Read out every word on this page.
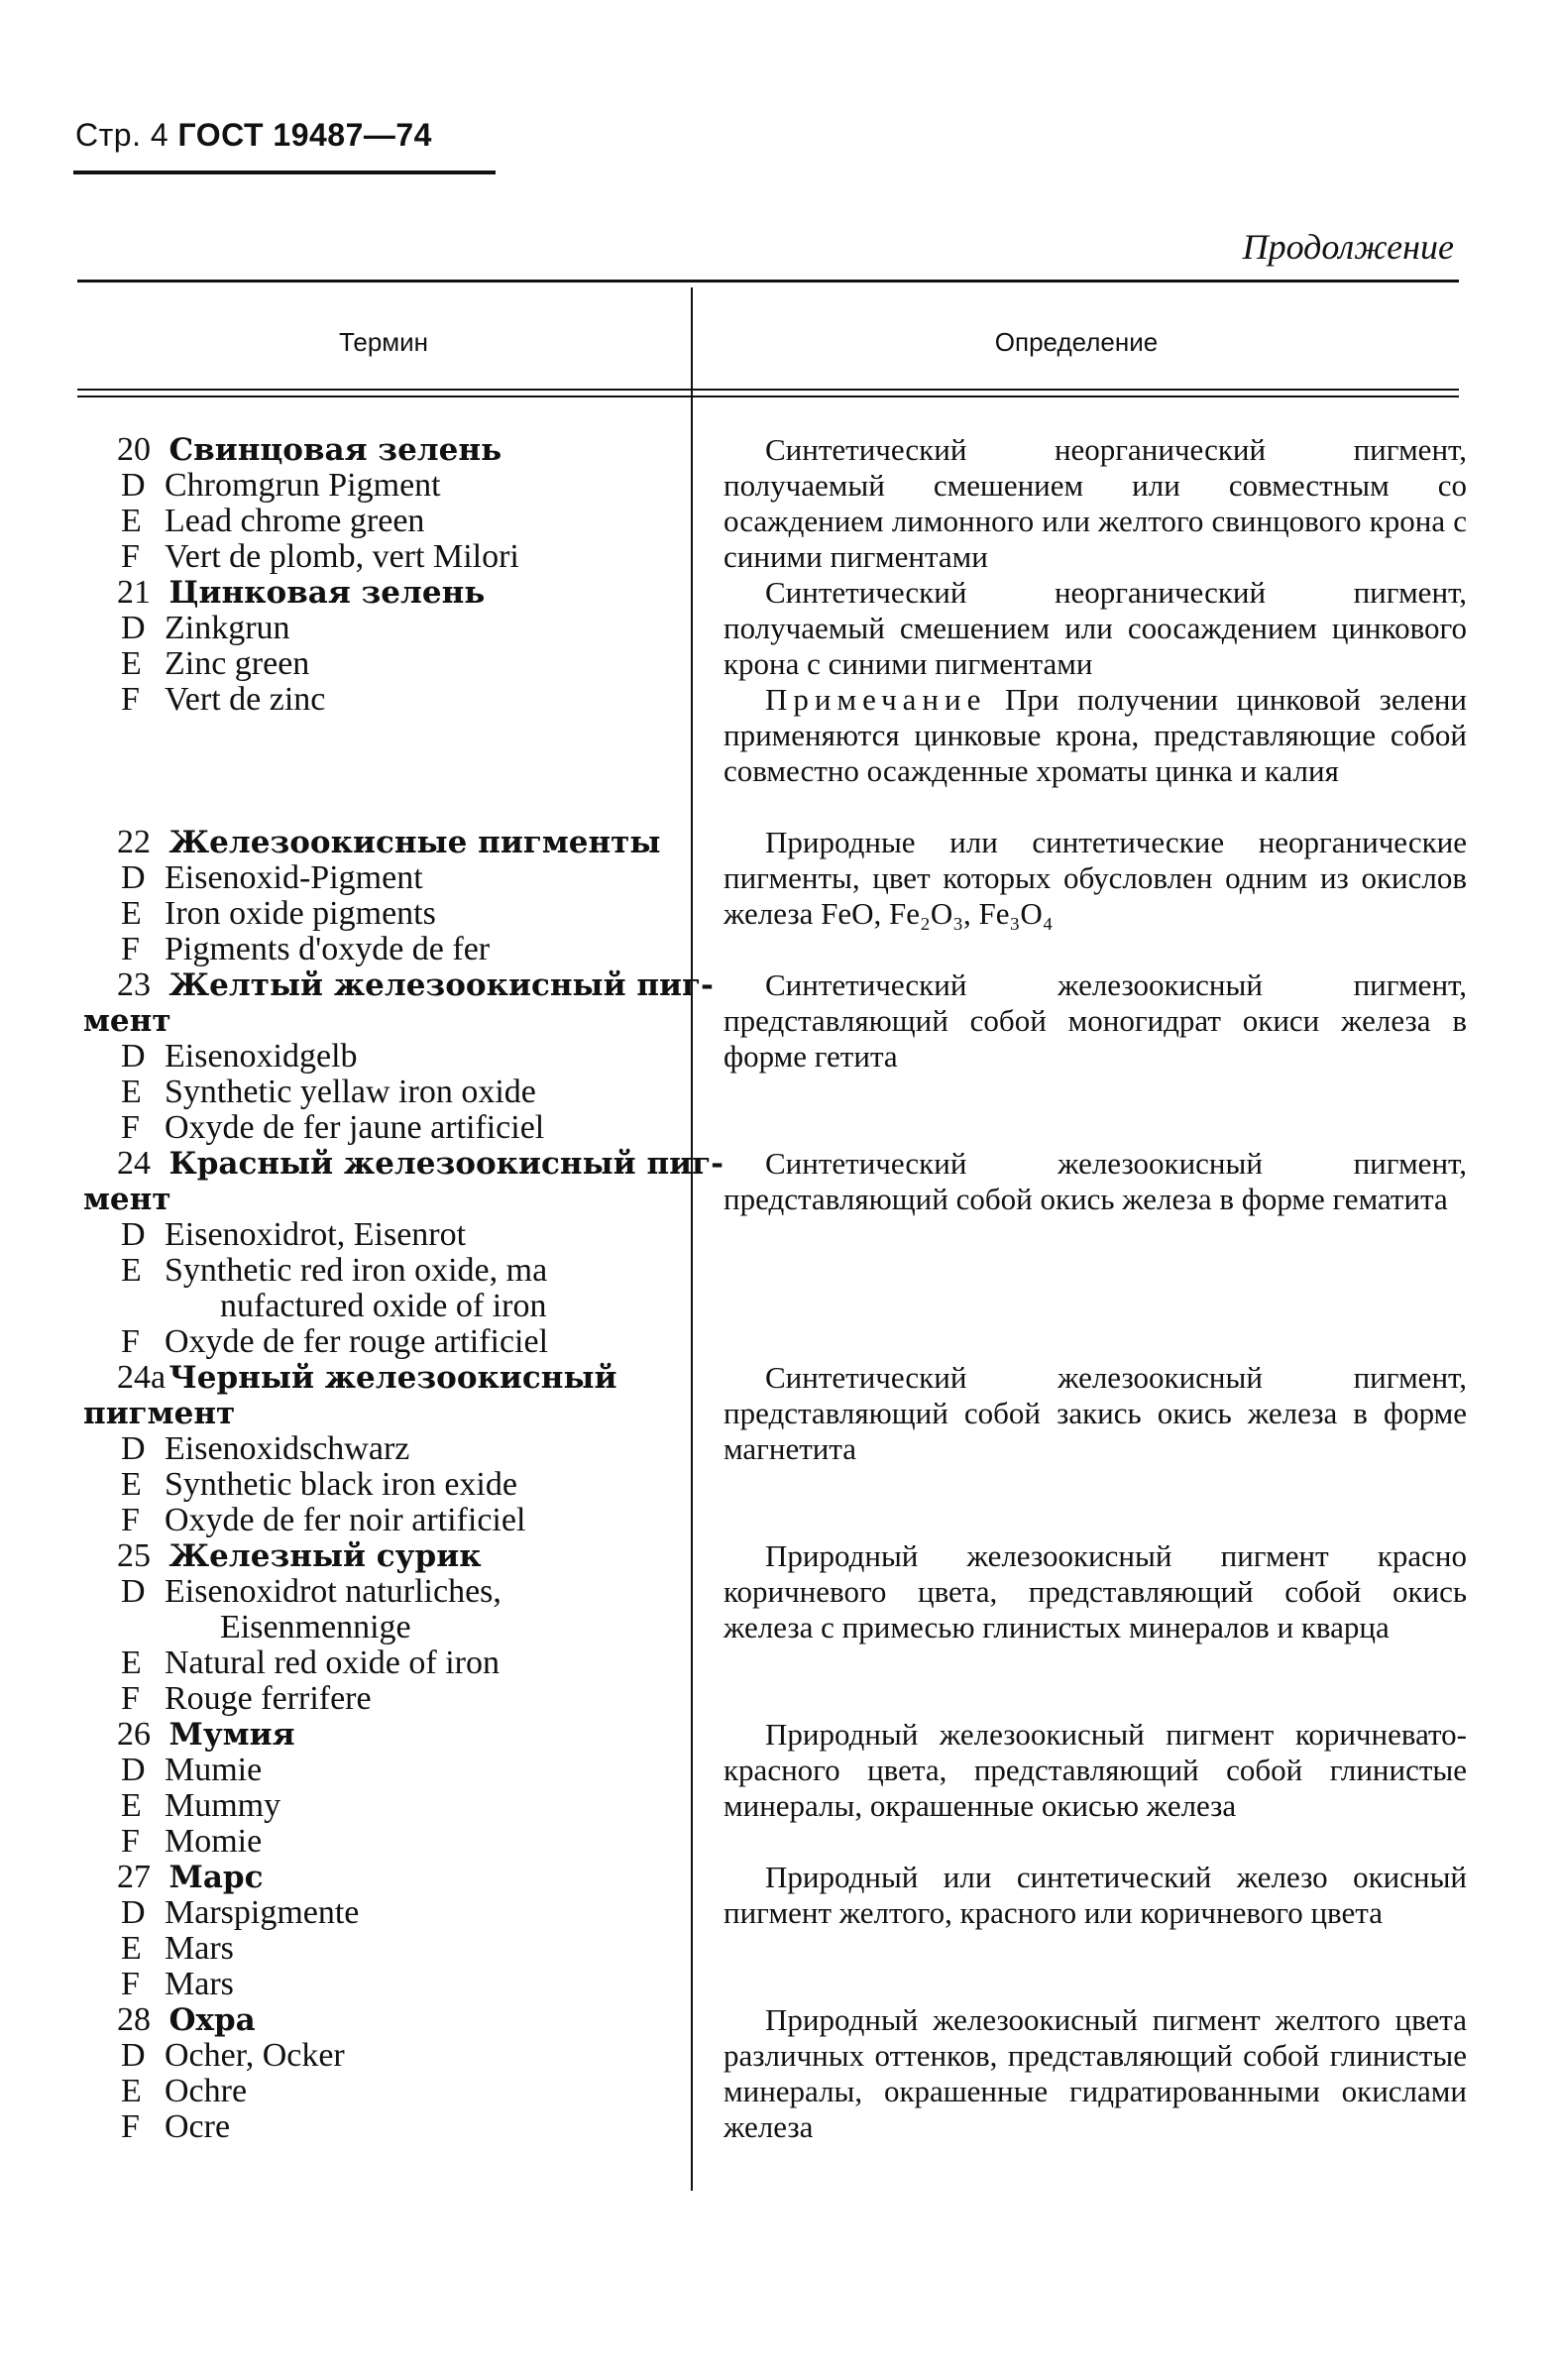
Стр. 4 ГОСТ 19487—74
Продолжение
Термин	Определение
20 Свинцовая зелень
D Chromgrun Pigment
E Lead chrome green
F Vert de plomb, vert Milori
Синтетический неорганический пигмент, получаемый смешением или совместным со осаждением лимонного или желтого свинцового крона с синими пигментами
21 Цинковая зелень
D Zinkgrun
E Zinc green
F Vert de zinc
Синтетический неорганический пигмент, получаемый смешением или соосаждением цинкового крона с синими пигментами
Примечание При получении цинковой зелени применяются цинковые крона, представляющие собой совместно осажденные хроматы цинка и калия
22 Железоокисные пигменты
D Eisenoxid-Pigment
E Iron oxide pigments
F Pigments d'oxyde de fer
Природные или синтетические неорганические пигменты, цвет которых обусловлен одним из окислов железа FeO, Fe₂O₃, Fe₃O₄
23 Желтый железоокисный пиг-
мент
D Eisenoxidgelb
E Synthetic yellaw iron oxide
F Oxyde de fer jaune artificiel
Синтетический железоокисный пигмент, представляющий собой моногидрат окиси железа в форме гетита
24 Красный железоокисный пиг-
мент
D Eisenoxidrot, Eisenrot
E Synthetic red iron oxide, ma
nufactured oxide of iron
F Oxyde de fer rouge artificiel
Синтетический железоокисный пигмент, представляющий собой окись железа в форме гематита
24a Черный железоокисный
пигмент
D Eisenoxidschwarz
E Synthetic black iron exide
F Oxyde de fer noir artificiel
Синтетический железоокисный пигмент, представляющий собой закись окись железа в форме магнетита
25 Железный сурик
D Eisenoxidrot naturliches,
Eisenmennige
E Natural red oxide of iron
F Rouge ferrifere
Природный железоокисный пигмент красно коричневого цвета, представляющий собой окись железа с примесью глинистых минералов и кварца
26 Мумия
D Mumie
E Mummy
F Momie
Природный железоокисный пигмент коричневато-красного цвета, представляющий собой глинистые минералы, окрашенные окисью железа
27 Марс
D Marspigmente
E Mars
F Mars
Природный или синтетический железо окисный пигмент желтого, красного или коричневого цвета
28 Охра
D Ocher, Ocker
E Ochre
F Ocre
Природный железоокисный пигмент желтого цвета различных оттенков, представляющий собой глинистые минералы, окрашенные гидратированными окислами железа
